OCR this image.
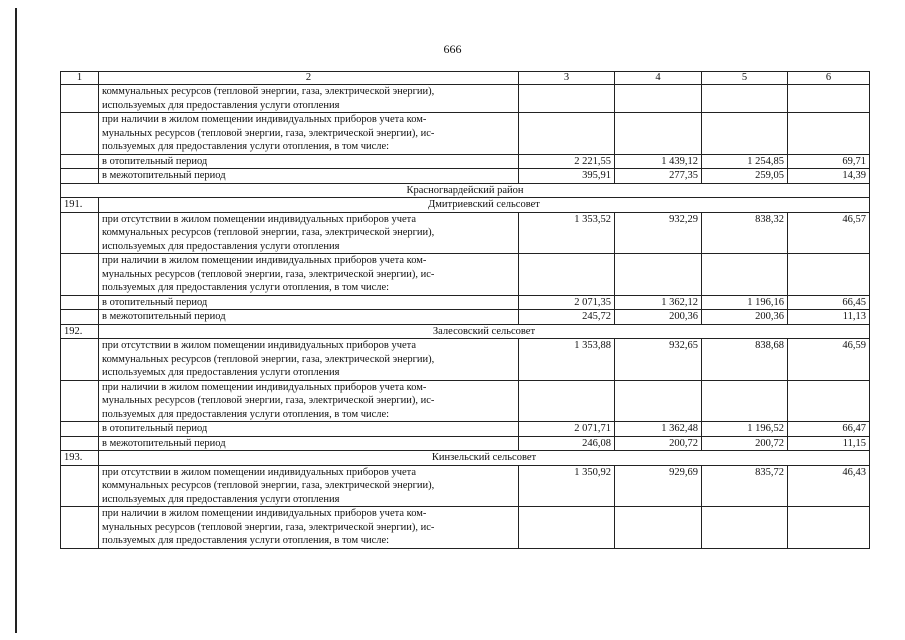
666
1	2	3	4	5	6

	коммунальных ресурсов (тепловой энергии, газа, электрической энергии),
используемых для предоставления услуги отопления				

	при наличии в жилом помещении индивидуальных приборов учета ком-
мунальных ресурсов (тепловой энергии, газа, электрической энергии), ис-
пользуемых для предоставления услуги отопления, в том числе:				

	в отопительный период	2 221,55	1 439,12	1 254,85	69,71
	в межотопительный период	395,91	277,35	259,05	14,39
Красногвардейский район					
191.	Дмитриевский сельсовет				

	при отсутствии в жилом помещении индивидуальных приборов учета
коммунальных ресурсов (тепловой энергии, газа, электрической энергии),
используемых для предоставления услуги отопления	1 353,52	932,29	838,32	46,57

	при наличии в жилом помещении индивидуальных приборов учета ком-
мунальных ресурсов (тепловой энергии, газа, электрической энергии), ис-
пользуемых для предоставления услуги отопления, в том числе:				

	в отопительный период	2 071,35	1 362,12	1 196,16	66,45
	в межотопительный период	245,72	200,36	200,36	11,13
192.	Залесовский сельсовет				

	при отсутствии в жилом помещении индивидуальных приборов учета
коммунальных ресурсов (тепловой энергии, газа, электрической энергии),
используемых для предоставления услуги отопления	1 353,88	932,65	838,68	46,59

	при наличии в жилом помещении индивидуальных приборов учета ком-
мунальных ресурсов (тепловой энергии, газа, электрической энергии), ис-
пользуемых для предоставления услуги отопления, в том числе:				

	в отопительный период	2 071,71	1 362,48	1 196,52	66,47
	в межотопительный период	246,08	200,72	200,72	11,15
193.	Кинзельский сельсовет				

	при отсутствии в жилом помещении индивидуальных приборов учета
коммунальных ресурсов (тепловой энергии, газа, электрической энергии),
используемых для предоставления услуги отопления	1 350,92	929,69	835,72	46,43

	при наличии в жилом помещении индивидуальных приборов учета ком-
мунальных ресурсов (тепловой энергии, газа, электрической энергии), ис-
пользуемых для предоставления услуги отопления, в том числе:				
